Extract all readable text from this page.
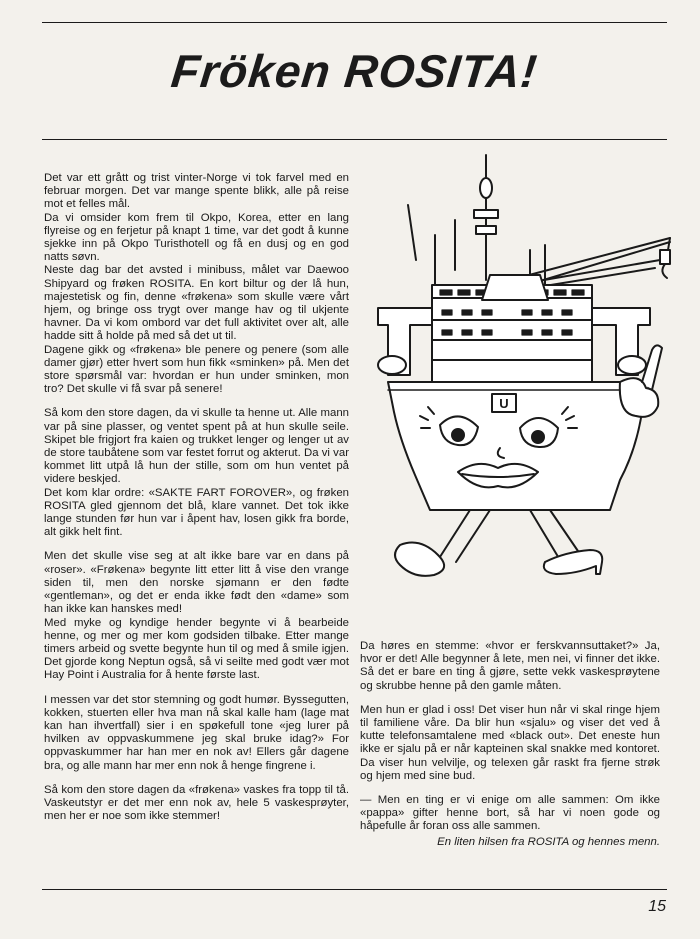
Fröken ROSITA!

Det var ett grått og trist vinter-Norge vi tok farvel med en februar morgen. Det var mange spente blikk, alle på reise mot et felles mål.

Da vi omsider kom frem til Okpo, Korea, etter en lang flyreise og en ferjetur på knapt 1 time, var det godt å kunne sjekke inn på Okpo Turisthotell og få en dusj og en god natts søvn.

Neste dag bar det avsted i minibuss, målet var Daewoo Shipyard og frøken ROSITA. En kort biltur og der lå hun, majestetisk og fin, denne «frøkena» som skulle være vårt hjem, og bringe oss trygt over mange hav og til ukjente havner. Da vi kom ombord var det full aktivitet over alt, alle hadde sitt å holde på med så det ut til.

Dagene gikk og «frøkena» ble penere og penere (som alle damer gjør) etter hvert som hun fikk «sminken» på. Men det store spørsmål var: hvordan er hun under sminken, mon tro? Det skulle vi få svar på senere!

Så kom den store dagen, da vi skulle ta henne ut. Alle mann var på sine plasser, og ventet spent på at hun skulle seile. Skipet ble frigjort fra kaien og trukket lenger og lenger ut av de store taubåtene som var festet forrut og akterut. Da vi var kommet litt utpå lå hun der stille, som om hun ventet på videre beskjed.

Det kom klar ordre: «SAKTE FART FOROVER», og frøken ROSITA gled gjennom det blå, klare vannet. Det tok ikke lange stunden før hun var i åpent hav, losen gikk fra borde, alt gikk helt fint.

Men det skulle vise seg at alt ikke bare var en dans på «roser». «Frøkena» begynte litt etter litt å vise den vrange siden til, men den norske sjømann er den fødte «gentleman», og det er enda ikke født den «dame» som han ikke kan hanskes med!

Med myke og kyndige hender begynte vi å bearbeide henne, og mer og mer kom godsiden tilbake. Etter mange timers arbeid og svette begynte hun til og med å smile igjen. Det gjorde kong Neptun også, så vi seilte med godt vær mot Hay Point i Australia for å hente første last.

I messen var det stor stemning og godt humør. Byssegutten, kokken, stuerten eller hva man nå skal kalle ham (lage mat kan han ihvertfall) sier i en spøkefull tone «jeg lurer på hvilken av oppvaskummene jeg skal bruke idag?» For oppvaskummer har han mer en nok av! Ellers går dagene bra, og alle mann har mer enn nok å henge fingrene i.

Så kom den store dagen da «frøkena» vaskes fra topp til tå. Vaskeutstyr er det mer enn nok av, hele 5 vaskesprøyter, men her er noe som ikke stemmer!

U

Da høres en stemme: «hvor er ferskvannsuttaket?» Ja, hvor er det! Alle begynner å lete, men nei, vi finner det ikke. Så det er bare en ting å gjøre, sette vekk vaskesprøytene og skrubbe henne på den gamle måten.

Men hun er glad i oss! Det viser hun når vi skal ringe hjem til familiene våre. Da blir hun «sjalu» og viser det ved å kutte telefonsamtalene med «black out». Det eneste hun ikke er sjalu på er når kapteinen skal snakke med kontoret. Da viser hun velvilje, og telexen går raskt fra fjerne strøk og hjem med sine bud.

— Men en ting er vi enige om alle sammen: Om ikke «pappa» gifter henne bort, så har vi noen gode og håpefulle år foran oss alle sammen.

En liten hilsen fra ROSITA og hennes menn.

15
